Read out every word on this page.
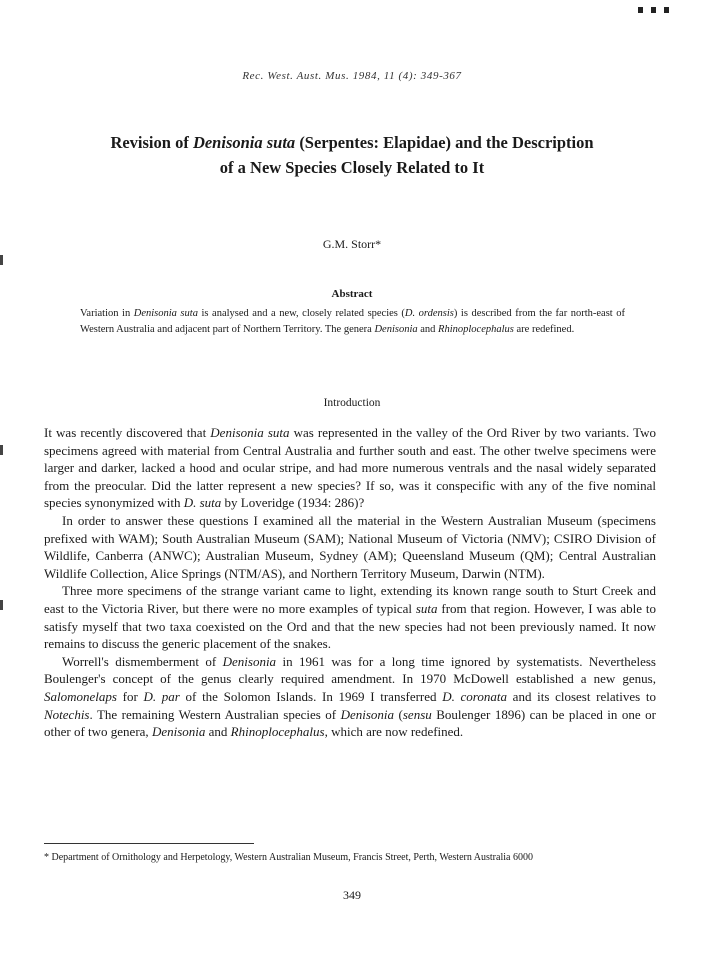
Rec. West. Aust. Mus. 1984, 11 (4): 349-367
Revision of Denisonia suta (Serpentes: Elapidae) and the Description
of a New Species Closely Related to It
G.M. Storr*
Abstract
Variation in Denisonia suta is analysed and a new, closely related species (D. ordensis) is described from the far north-east of Western Australia and adjacent part of Northern Territory. The genera Denisonia and Rhinoplocephalus are redefined.
Introduction

It was recently discovered that Denisonia suta was represented in the valley of the Ord River by two variants. Two specimens agreed with material from Central Australia and further south and east. The other twelve specimens were larger and darker, lacked a hood and ocular stripe, and had more numerous ventrals and the nasal widely separated from the preocular. Did the latter represent a new species? If so, was it conspecific with any of the five nominal species synonymized with D. suta by Loveridge (1934: 286)?

In order to answer these questions I examined all the material in the Western Australian Museum (specimens prefixed with WAM); South Australian Museum (SAM); National Museum of Victoria (NMV); CSIRO Division of Wildlife, Canberra (ANWC); Australian Museum, Sydney (AM); Queensland Museum (QM); Central Australian Wildlife Collection, Alice Springs (NTM/AS), and Northern Territory Museum, Darwin (NTM).

Three more specimens of the strange variant came to light, extending its known range south to Sturt Creek and east to the Victoria River, but there were no more examples of typical suta from that region. However, I was able to satisfy myself that two taxa coexisted on the Ord and that the new species had not been previously named. It now remains to discuss the generic placement of the snakes.

Worrell's dismemberment of Denisonia in 1961 was for a long time ignored by systematists. Nevertheless Boulenger's concept of the genus clearly required amendment. In 1970 McDowell established a new genus, Salomonelaps for D. par of the Solomon Islands. In 1969 I transferred D. coronata and its closest relatives to Notechis. The remaining Western Australian species of Denisonia (sensu Boulenger 1896) can be placed in one or other of two genera, Denisonia and Rhinoplocephalus, which are now redefined.

* Department of Ornithology and Herpetology, Western Australian Museum, Francis Street, Perth, Western Australia 6000
349
